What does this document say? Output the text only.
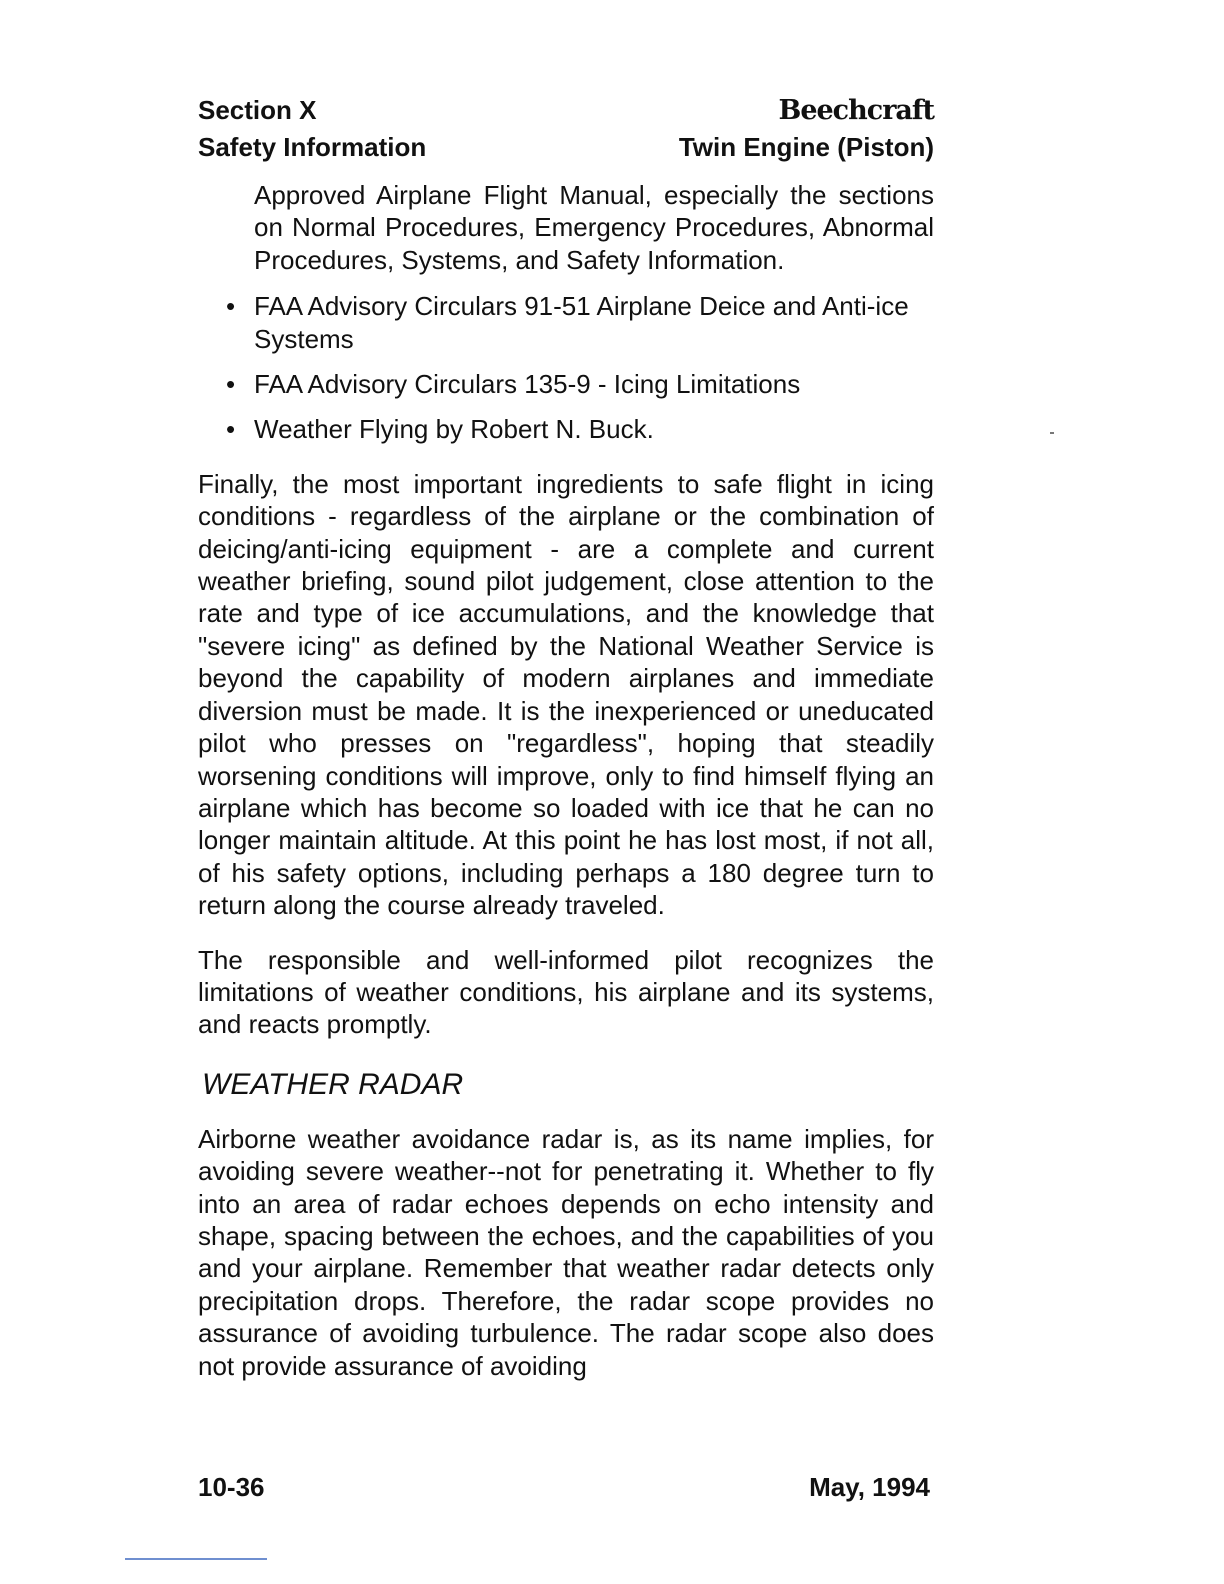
Section X	Beechcraft
Safety Information	Twin Engine (Piston)

Approved Airplane Flight Manual, especially the sections on Normal Procedures, Emergency Procedures, Abnormal Procedures, Systems, and Safety Information.

• FAA Advisory Circulars 91-51 Airplane Deice and Anti-ice Systems
• FAA Advisory Circulars 135-9 - Icing Limitations
• Weather Flying by Robert N. Buck.

Finally, the most important ingredients to safe flight in icing conditions - regardless of the airplane or the combination of deicing/anti-icing equipment - are a complete and current weather briefing, sound pilot judgement, close attention to the rate and type of ice accumulations, and the knowledge that "severe icing" as defined by the National Weather Service is beyond the capability of modern airplanes and immediate diversion must be made. It is the inexperienced or uneducated pilot who presses on "regardless", hoping that steadily worsening conditions will improve, only to find himself flying an airplane which has become so loaded with ice that he can no longer maintain altitude. At this point he has lost most, if not all, of his safety options, including perhaps a 180 degree turn to return along the course already traveled.

The responsible and well-informed pilot recognizes the limitations of weather conditions, his airplane and its systems, and reacts promptly.

WEATHER RADAR

Airborne weather avoidance radar is, as its name implies, for avoiding severe weather--not for penetrating it. Whether to fly into an area of radar echoes depends on echo intensity and shape, spacing between the echoes, and the capabilities of you and your airplane. Remember that weather radar detects only precipitation drops. Therefore, the radar scope provides no assurance of avoiding turbulence. The radar scope also does not provide assurance of avoiding

10-36	May, 1994
